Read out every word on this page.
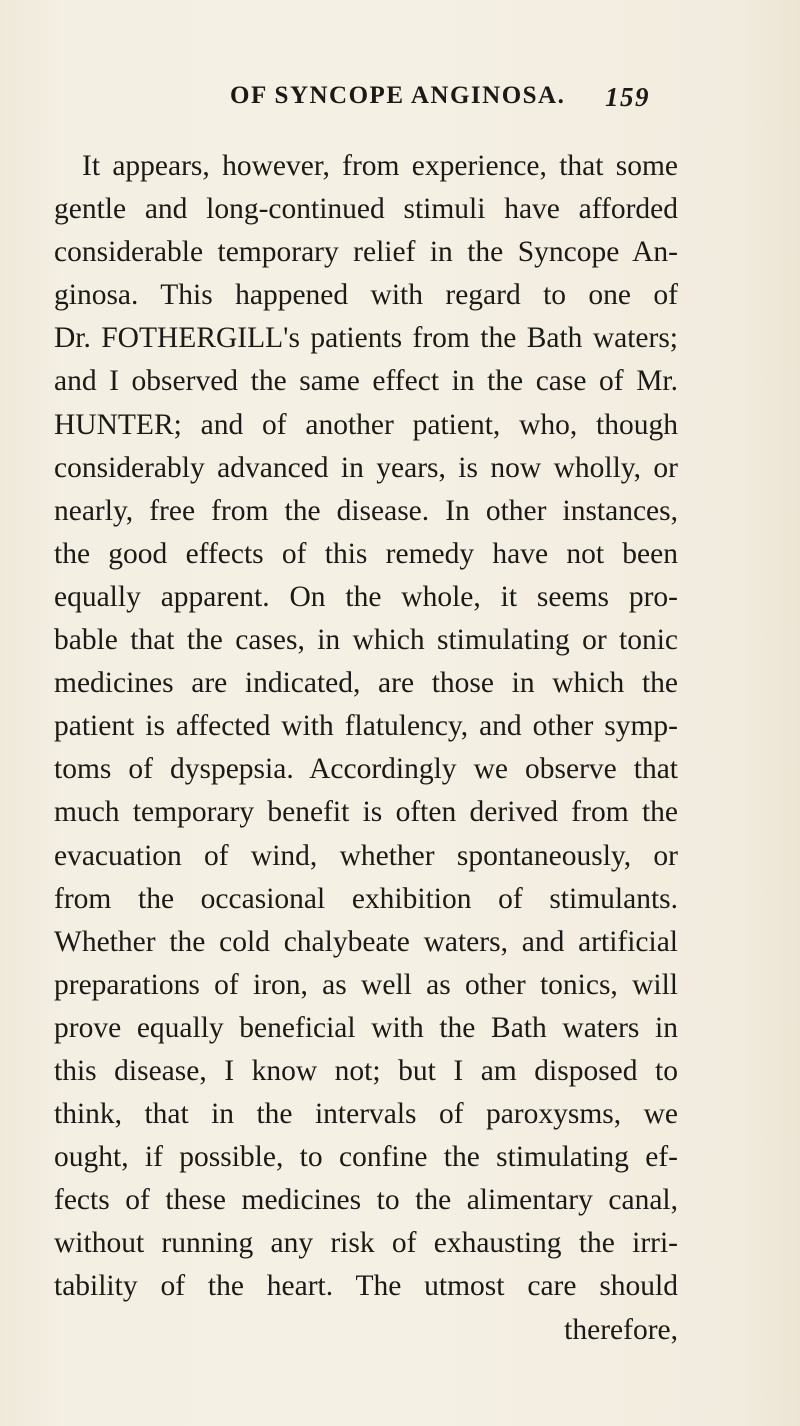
OF SYNCOPE ANGINOSA. 159
It appears, however, from experience, that some
gentle and long-continued stimuli have afforded
considerable temporary relief in the Syncope An-
ginosa. This happened with regard to one of
Dr. FOTHERGILL's patients from the Bath waters;
and I observed the same effect in the case of Mr.
HUNTER; and of another patient, who, though
considerably advanced in years, is now wholly, or
nearly, free from the disease. In other instances,
the good effects of this remedy have not been
equally apparent. On the whole, it seems pro-
bable that the cases, in which stimulating or tonic
medicines are indicated, are those in which the
patient is affected with flatulency, and other symp-
toms of dyspepsia. Accordingly we observe that
much temporary benefit is often derived from the
evacuation of wind, whether spontaneously, or
from the occasional exhibition of stimulants.
Whether the cold chalybeate waters, and artificial
preparations of iron, as well as other tonics, will
prove equally beneficial with the Bath waters in
this disease, I know not; but I am disposed to
think, that in the intervals of paroxysms, we
ought, if possible, to confine the stimulating ef-
fects of these medicines to the alimentary canal,
without running any risk of exhausting the irri-
tability of the heart. The utmost care should
therefore,
